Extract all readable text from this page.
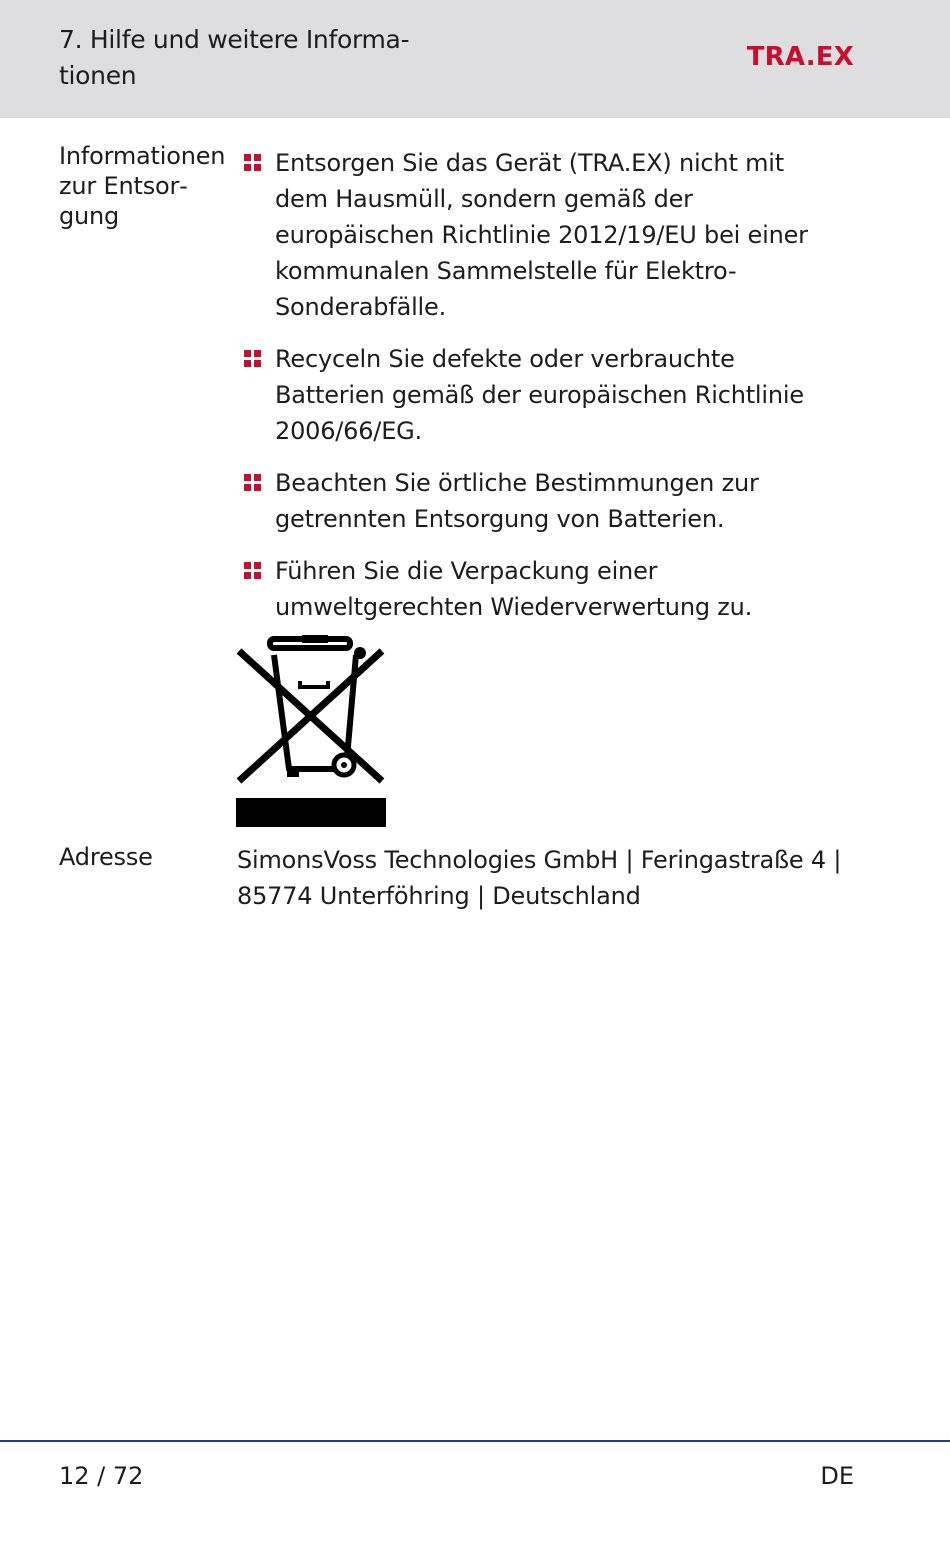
7. Hilfe und weitere Informationen
TRA.EX
Informationen zur Entsorgung
Entsorgen Sie das Gerät (TRA.EX) nicht mit dem Hausmüll, sondern gemäß der europäischen Richtlinie 2012/19/EU bei einer kommunalen Sammelstelle für Elektro-Sonderabfälle.
Recyceln Sie defekte oder verbrauchte Batterien gemäß der europäischen Richtlinie 2006/66/EG.
Beachten Sie örtliche Bestimmungen zur getrennten Entsorgung von Batterien.
Führen Sie die Verpackung einer umweltgerechten Wiederverwertung zu.
Adresse	SimonsVoss Technologies GmbH | Feringastraße 4 | 85774 Unterföhring | Deutschland
12 / 72	DE
